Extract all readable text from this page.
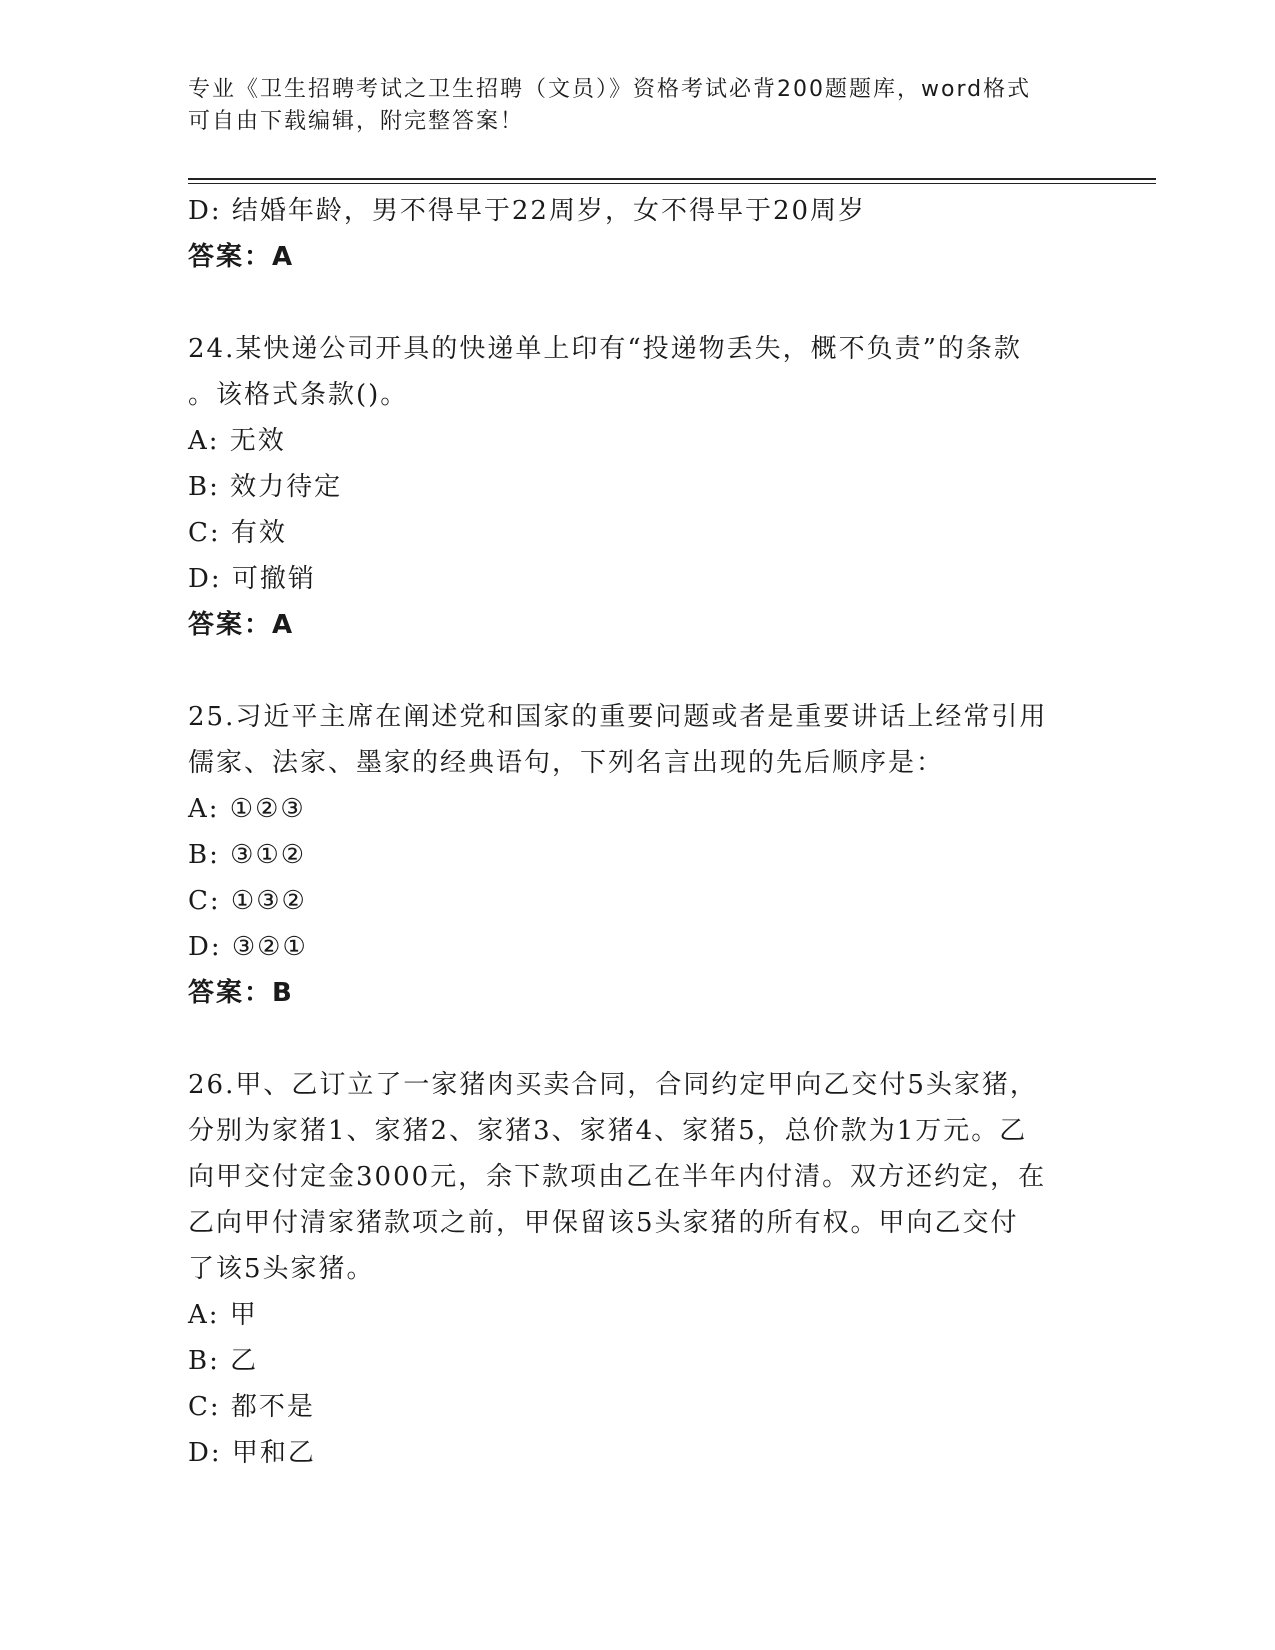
专业《卫生招聘考试之卫生招聘（文员）》资格考试必背200题题库，word格式
可自由下载编辑，附完整答案！
D: 结婚年龄，男不得早于22周岁，女不得早于20周岁
答案：A
24.某快递公司开具的快递单上印有“投递物丢失，概不负责”的条款
。该格式条款()。
A: 无效
B: 效力待定
C: 有效
D: 可撤销
答案：A
25.习近平主席在阐述党和国家的重要问题或者是重要讲话上经常引用
儒家、法家、墨家的经典语句，下列名言出现的先后顺序是：
A: ①②③
B: ③①②
C: ①③②
D: ③②①
答案：B
26.甲、乙订立了一家猪肉买卖合同，合同约定甲向乙交付5头家猪，
分别为家猪1、家猪2、家猪3、家猪4、家猪5，总价款为1万元。乙
向甲交付定金3000元，余下款项由乙在半年内付清。双方还约定，在
乙向甲付清家猪款项之前，甲保留该5头家猪的所有权。甲向乙交付
了该5头家猪。
A: 甲
B: 乙
C: 都不是
D: 甲和乙
